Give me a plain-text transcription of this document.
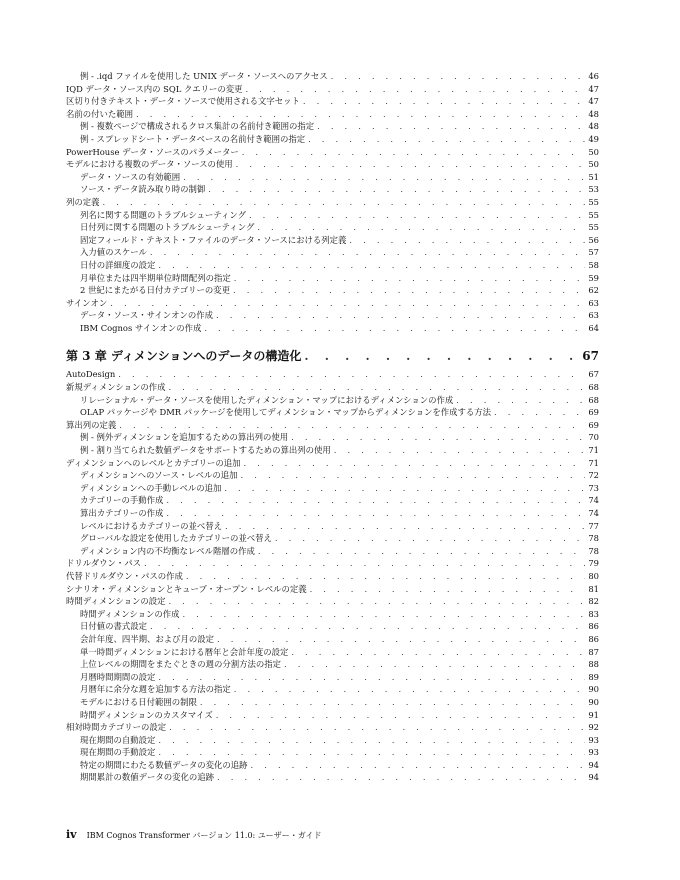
例 - .iqd ファイルを使用した UNIX データ・ソースへのアクセス . . .	46
IQD データ・ソース内の SQL クエリーの変更 . . .	47
区切り付きテキスト・データ・ソースで使用される文字セット . . .	47
名前の付いた範囲 . . .	48
例 - 複数ページで構成されるクロス集計の名前付き範囲の指定 . . .	48
例 - スプレッドシート・データベースの名前付き範囲の指定 . . .	49
PowerHouse データ・ソースのパラメーター . . .	50
モデルにおける複数のデータ・ソースの使用 . . .	50
データ・ソースの有効範囲 . . .	51
ソース・データ読み取り時の制御 . . .	53
列の定義 . . .	55
列名に関する問題のトラブルシューティング . . .	55
日付列に関する問題のトラブルシューティング . . .	55
固定フィールド・テキスト・ファイルのデータ・ソースにおける列定義 . . .	56
入力値のスケール . . .	57
日付の詳細度の設定 . . .	58
月単位または四半期単位時間配列の指定 . . .	59
2 世紀にまたがる日付カテゴリーの変更 . . .	62
サインオン . . .	63
データ・ソース・サインオンの作成 . . .	63
IBM Cognos サインオンの作成 . . .	64
第 3 章 ディメンションへのデータの構造化 . . .	67
AutoDesign . . .	67
新規ディメンションの作成 . . .	68
リレーショナル・データ・ソースを使用したディメンション・マップにおけるディメンションの作成 . . .	68
OLAP パッケージや DMR パッケージを使用してディメンション・マップからディメンションを作成する方法 . . .	69
算出列の定義 . . .	69
例 - 例外ディメンションを追加するための算出列の使用 . . .	70
例 - 割り当てられた数値データをサポートするための算出列の使用 . . .	71
ディメンションへのレベルとカテゴリーの追加 . . .	71
ディメンションへのソース・レベルの追加 . . .	72
ディメンションへの手動レベルの追加 . . .	73
カテゴリーの手動作成 . . .	74
算出カテゴリーの作成 . . .	74
レベルにおけるカテゴリーの並べ替え . . .	77
グローバルな設定を使用したカテゴリーの並べ替え . . .	78
ディメンション内の不均衡なレベル階層の作成 . . .	78
ドリルダウン・パス . . .	79
代替ドリルダウン・パスの作成 . . .	80
シナリオ・ディメンションとキューブ・オープン・レベルの定義 . . .	81
時間ディメンションの設定 . . .	82
時間ディメンションの作成 . . .	83
日付値の書式設定 . . .	86
会計年度、四半期、および月の設定 . . .	86
単一時間ディメンションにおける暦年と会計年度の設定 . . .	87
上位レベルの期間をまたぐときの週の分割方法の指定 . . .	88
月暦時間期間の設定 . . .	89
月暦年に余分な週を追加する方法の指定 . . .	90
モデルにおける日付範囲の制限 . . .	90
時間ディメンションのカスタマイズ . . .	91
相対時間カテゴリーの設定 . . .	92
現在期間の自動設定 . . .	93
現在期間の手動設定 . . .	93
特定の期間にわたる数値データの変化の追跡 . . .	94
期間累計の数値データの変化の追跡 . . .	94
iv IBM Cognos Transformer バージョン 11.0: ユーザー・ガイド
